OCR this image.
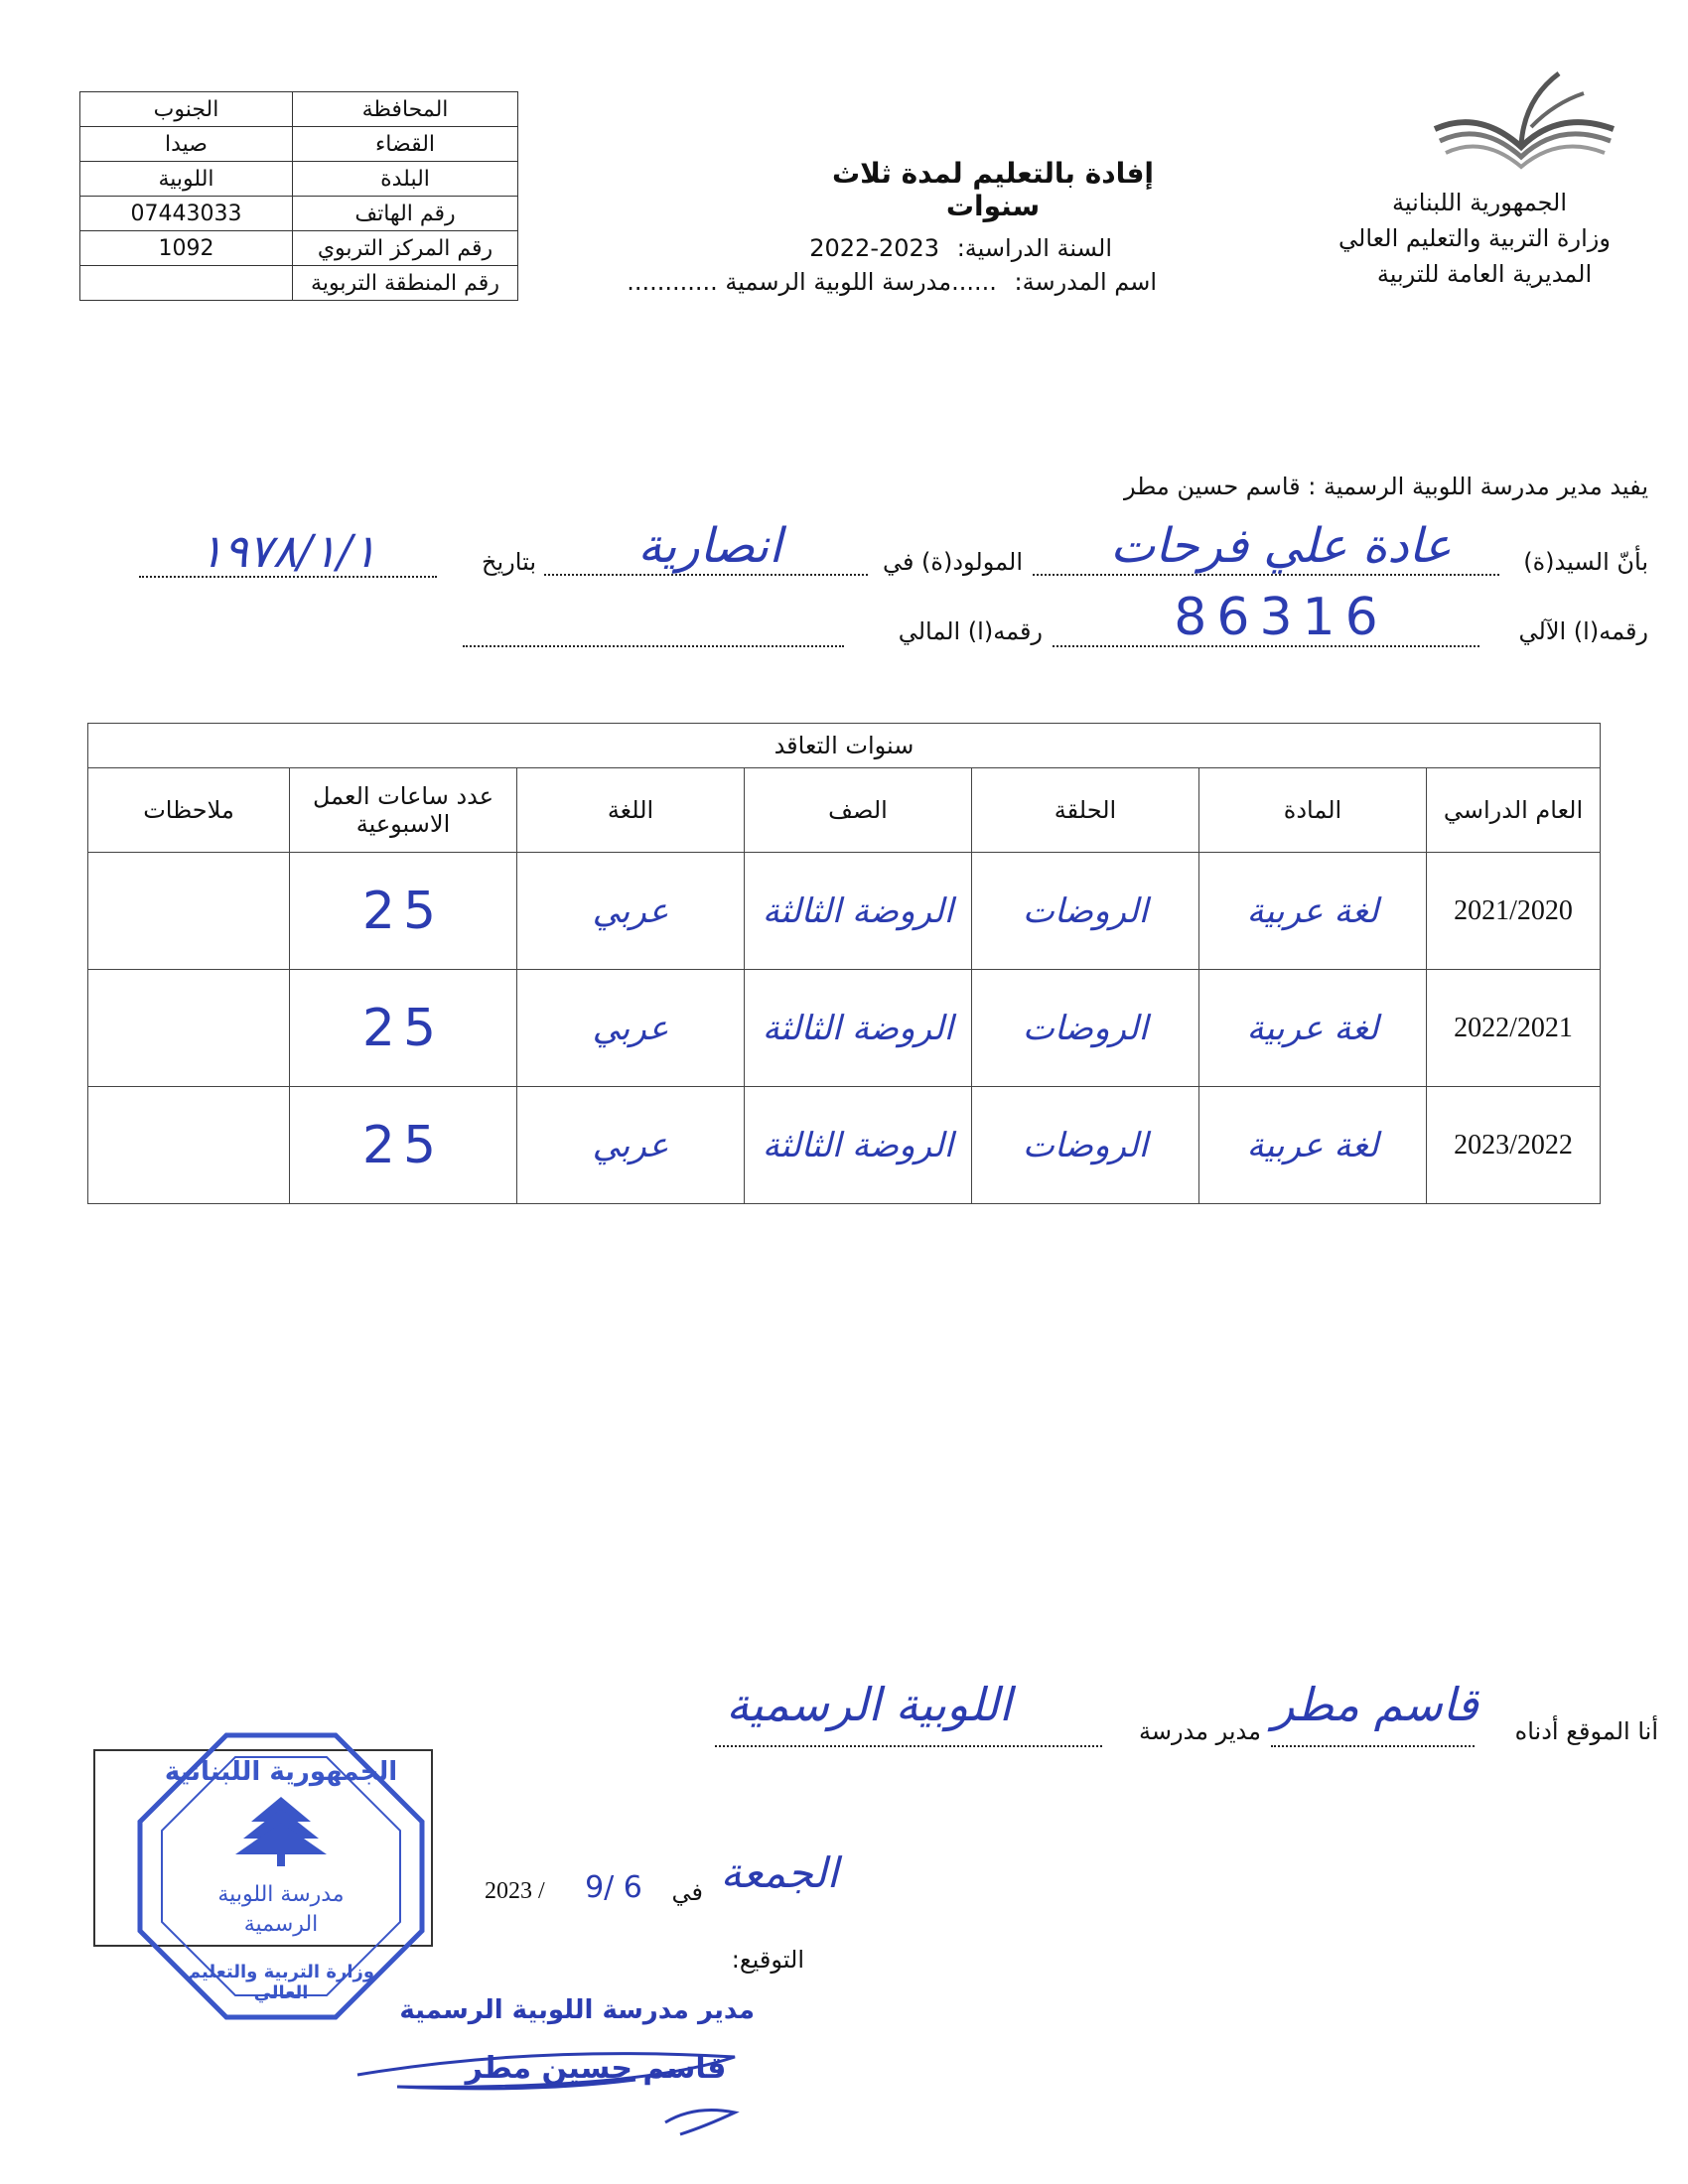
الجمهورية اللبنانية
وزارة التربية والتعليم العالي
المديرية العامة للتربية
إفادة بالتعليم لمدة ثلاث سنوات
السنة الدراسية: 2023-2022
اسم المدرسة: ......مدرسة اللوبية الرسمية ............
المحافظة	الجنوب
القضاء	صيدا
البلدة	اللوبية
رقم الهاتف	07443033
رقم المركز التربوي	1092
رقم المنطقة التربوية	
يفيد مدير مدرسة اللوبية الرسمية : قاسم حسين مطر
بأنّ السيد(ة)
عادة علي فرحات
المولود(ة) في
انصارية
بتاريخ
١٩٧٨/١/١
رقمه(ا) الآلي
86316
رقمه(ا) المالي
سنوات التعاقد						
العام الدراسي	المادة	الحلقة	الصف	اللغة	عدد ساعات العمل الاسبوعية	ملاحظات
2021/2020	لغة عربية	الروضات	الروضة الثالثة	عربي	25	
2022/2021	لغة عربية	الروضات	الروضة الثالثة	عربي	25	
2023/2022	لغة عربية	الروضات	الروضة الثالثة	عربي	25	
أنا الموقع أدناه
قاسم مطر
مدير مدرسة
اللوبية الرسمية
الجمعة
في
9/ 6
2023 /
التوقيع:
مدير مدرسة اللوبية الرسمية
قاسم حسين مطر
الجمهورية اللبنانية
مدرسة اللوبية
الرسمية
وزارة التربية والتعليم العالي
